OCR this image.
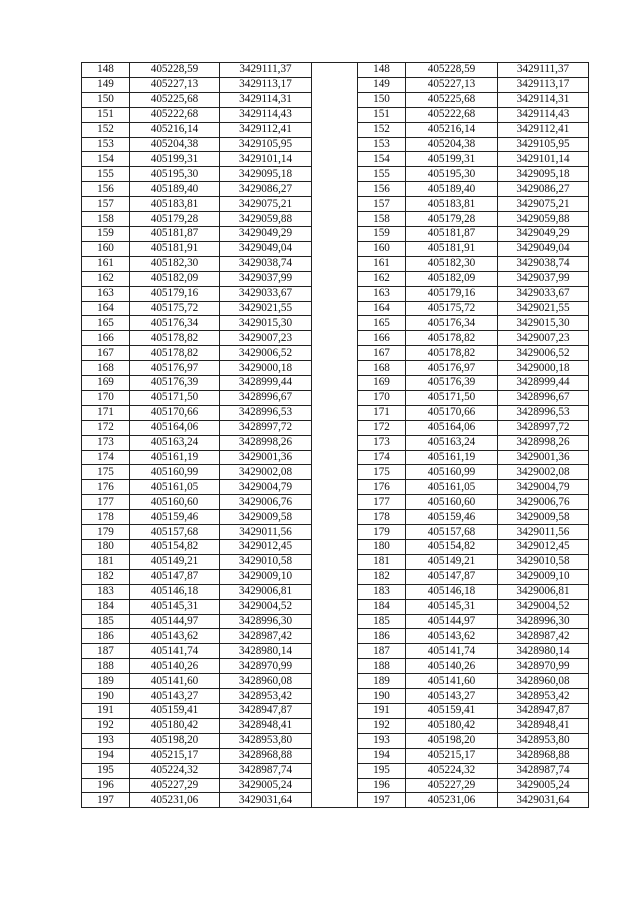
148	405228,59	3429111,37		148	405228,59	3429111,37
149	405227,13	3429113,17		149	405227,13	3429113,17
150	405225,68	3429114,31		150	405225,68	3429114,31
151	405222,68	3429114,43		151	405222,68	3429114,43
152	405216,14	3429112,41		152	405216,14	3429112,41
153	405204,38	3429105,95		153	405204,38	3429105,95
154	405199,31	3429101,14		154	405199,31	3429101,14
155	405195,30	3429095,18		155	405195,30	3429095,18
156	405189,40	3429086,27		156	405189,40	3429086,27
157	405183,81	3429075,21		157	405183,81	3429075,21
158	405179,28	3429059,88		158	405179,28	3429059,88
159	405181,87	3429049,29		159	405181,87	3429049,29
160	405181,91	3429049,04		160	405181,91	3429049,04
161	405182,30	3429038,74		161	405182,30	3429038,74
162	405182,09	3429037,99		162	405182,09	3429037,99
163	405179,16	3429033,67		163	405179,16	3429033,67
164	405175,72	3429021,55		164	405175,72	3429021,55
165	405176,34	3429015,30		165	405176,34	3429015,30
166	405178,82	3429007,23		166	405178,82	3429007,23
167	405178,82	3429006,52		167	405178,82	3429006,52
168	405176,97	3429000,18		168	405176,97	3429000,18
169	405176,39	3428999,44		169	405176,39	3428999,44
170	405171,50	3428996,67		170	405171,50	3428996,67
171	405170,66	3428996,53		171	405170,66	3428996,53
172	405164,06	3428997,72		172	405164,06	3428997,72
173	405163,24	3428998,26		173	405163,24	3428998,26
174	405161,19	3429001,36		174	405161,19	3429001,36
175	405160,99	3429002,08		175	405160,99	3429002,08
176	405161,05	3429004,79		176	405161,05	3429004,79
177	405160,60	3429006,76		177	405160,60	3429006,76
178	405159,46	3429009,58		178	405159,46	3429009,58
179	405157,68	3429011,56		179	405157,68	3429011,56
180	405154,82	3429012,45		180	405154,82	3429012,45
181	405149,21	3429010,58		181	405149,21	3429010,58
182	405147,87	3429009,10		182	405147,87	3429009,10
183	405146,18	3429006,81		183	405146,18	3429006,81
184	405145,31	3429004,52		184	405145,31	3429004,52
185	405144,97	3428996,30		185	405144,97	3428996,30
186	405143,62	3428987,42		186	405143,62	3428987,42
187	405141,74	3428980,14		187	405141,74	3428980,14
188	405140,26	3428970,99		188	405140,26	3428970,99
189	405141,60	3428960,08		189	405141,60	3428960,08
190	405143,27	3428953,42		190	405143,27	3428953,42
191	405159,41	3428947,87		191	405159,41	3428947,87
192	405180,42	3428948,41		192	405180,42	3428948,41
193	405198,20	3428953,80		193	405198,20	3428953,80
194	405215,17	3428968,88		194	405215,17	3428968,88
195	405224,32	3428987,74		195	405224,32	3428987,74
196	405227,29	3429005,24		196	405227,29	3429005,24
197	405231,06	3429031,64		197	405231,06	3429031,64
